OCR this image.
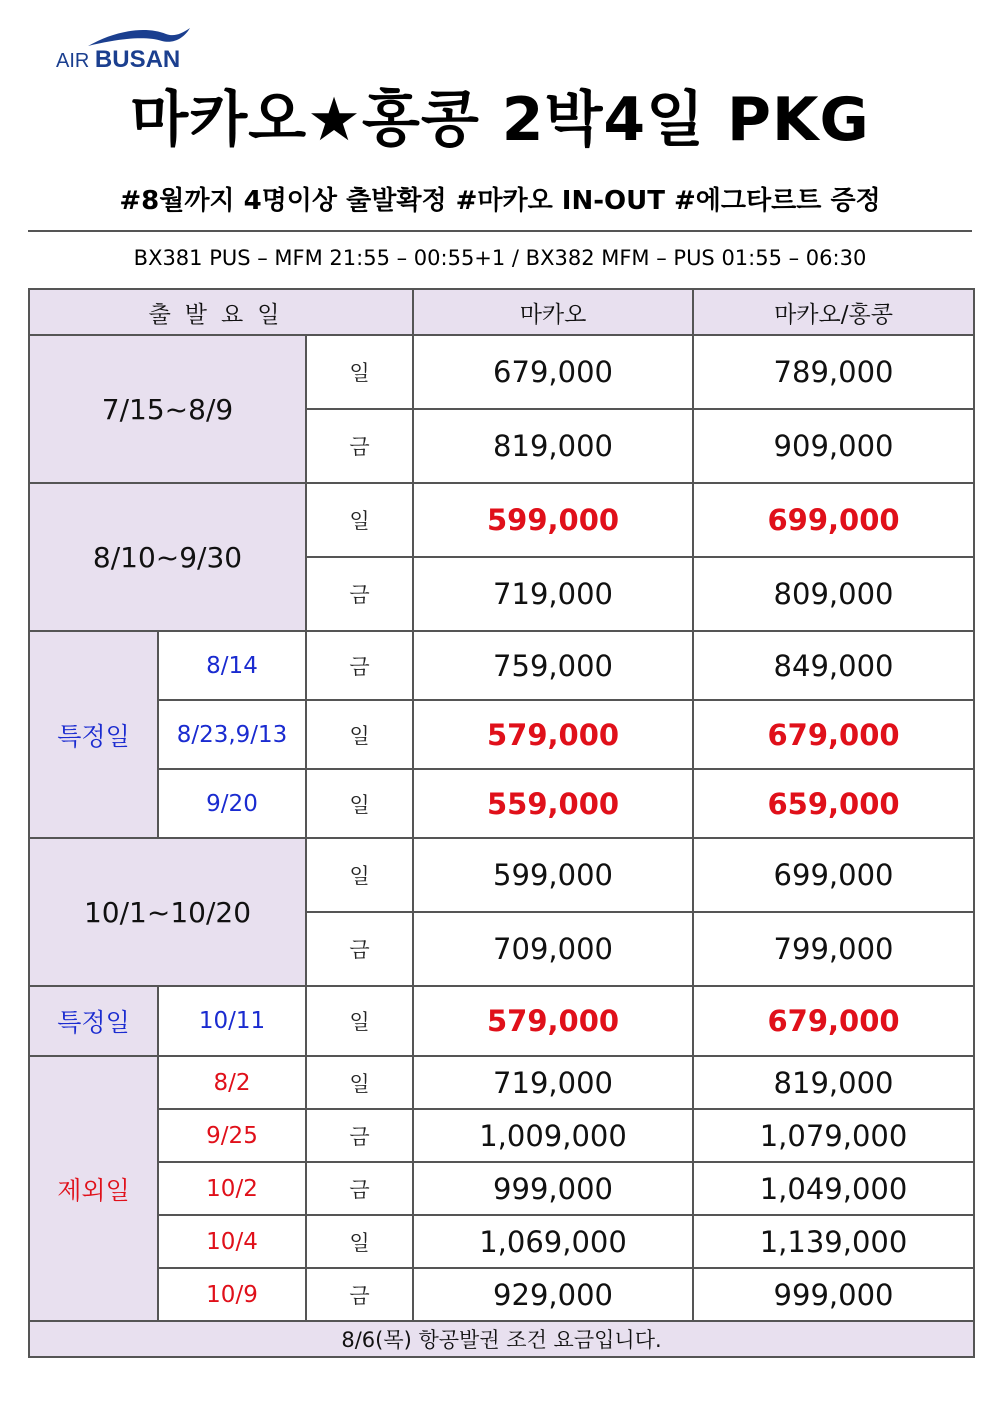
AIR BUSAN
마카오★홍콩 2박4일 PKG
#8월까지 4명이상 출발확정 #마카오 IN-OUT #에그타르트 증정
BX381 PUS – MFM 21:55 – 00:55+1 / BX382 MFM – PUS 01:55 – 06:30
출발요일			마카오	마카오/홍콩
7/15~8/9		일	679,000	789,000
		금	819,000	909,000
8/10~9/30		일	599,000	699,000
		금	719,000	809,000
특정일	8/14	금	759,000	849,000
	8/23,9/13	일	579,000	679,000
	9/20	일	559,000	659,000
10/1~10/20		일	599,000	699,000
		금	709,000	799,000
특정일	10/11	일	579,000	679,000
제외일	8/2	일	719,000	819,000
	9/25	금	1,009,000	1,079,000
	10/2	금	999,000	1,049,000
	10/4	일	1,069,000	1,139,000
	10/9	금	929,000	999,000
8/6(목) 항공발권 조건 요금입니다.				
